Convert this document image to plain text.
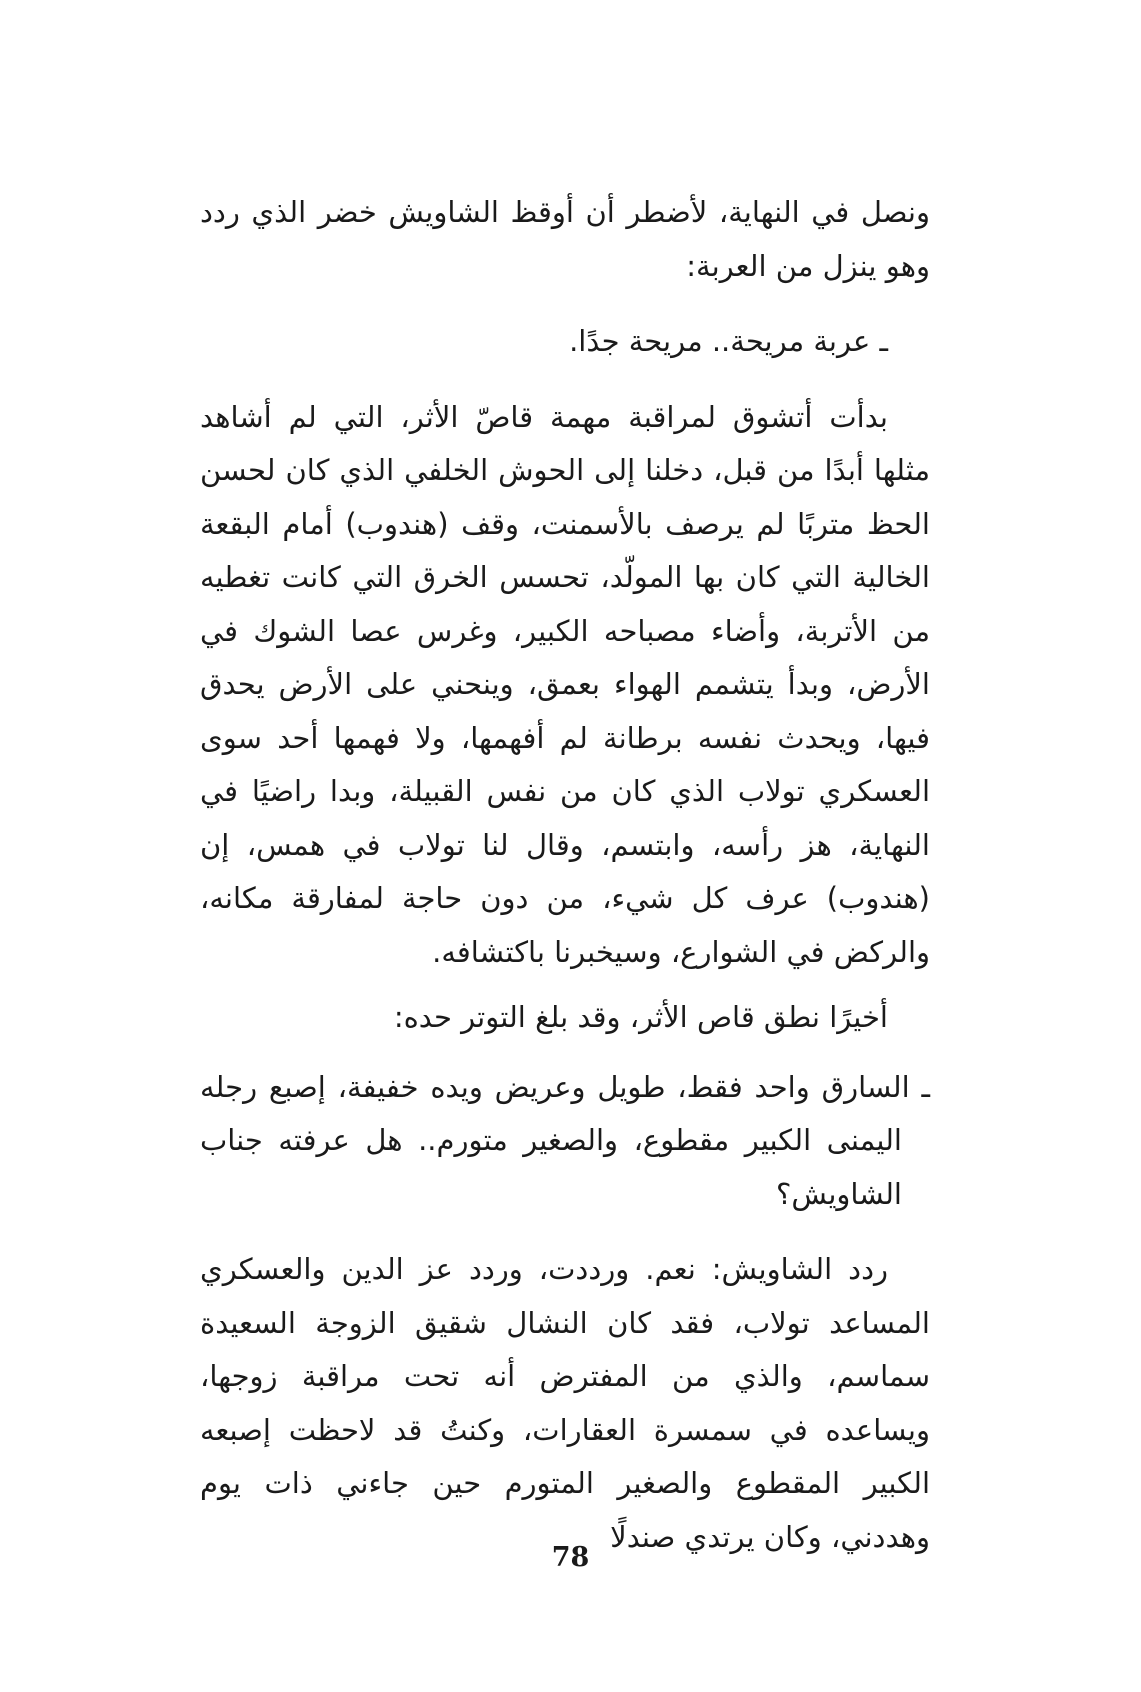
ونصل في النهاية، لأضطر أن أوقظ الشاويش خضر الذي ردد وهو ينزل من العربة:

ـ عربة مريحة.. مريحة جدًا.

بدأت أتشوق لمراقبة مهمة قاصّ الأثر، التي لم أشاهد مثلها أبدًا من قبل، دخلنا إلى الحوش الخلفي الذي كان لحسن الحظ متربًا لم يرصف بالأسمنت، وقف (هندوب) أمام البقعة الخالية التي كان بها المولّد، تحسس الخرق التي كانت تغطيه من الأتربة، وأضاء مصباحه الكبير، وغرس عصا الشوك في الأرض، وبدأ يتشمم الهواء بعمق، وينحني على الأرض يحدق فيها، ويحدث نفسه برطانة لم أفهمها، ولا فهمها أحد سوى العسكري تولاب الذي كان من نفس القبيلة، وبدا راضيًا في النهاية، هز رأسه، وابتسم، وقال لنا تولاب في همس، إن (هندوب) عرف كل شيء، من دون حاجة لمفارقة مكانه، والركض في الشوارع، وسيخبرنا باكتشافه.

أخيرًا نطق قاص الأثر، وقد بلغ التوتر حده:

ـ السارق واحد فقط، طويل وعريض ويده خفيفة، إصبع رجله اليمنى الكبير مقطوع، والصغير متورم.. هل عرفته جناب الشاويش؟

ردد الشاويش: نعم. ورددت، وردد عز الدين والعسكري المساعد تولاب، فقد كان النشال شقيق الزوجة السعيدة سماسم، والذي من المفترض أنه تحت مراقبة زوجها، ويساعده في سمسرة العقارات، وكنتُ قد لاحظت إصبعه الكبير المقطوع والصغير المتورم حين جاءني ذات يوم وهددني، وكان يرتدي صندلًا

78
